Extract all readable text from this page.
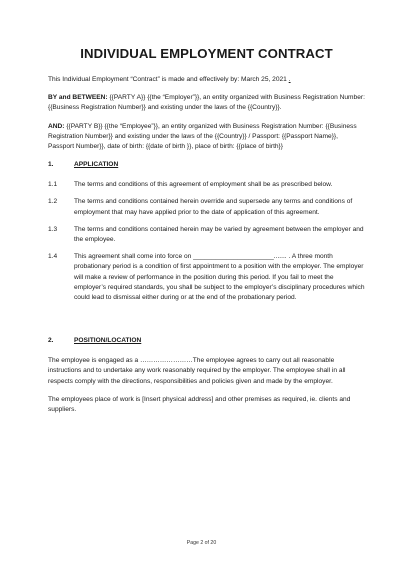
INDIVIDUAL EMPLOYMENT CONTRACT

This Individual Employment “Contract” is made and effectively by: March 25, 2021 .

BY and BETWEEN: {{PARTY A}} {{the “Employer”}}, an entity organized with Business Registration Number: {{Business Registration Number}} and existing under the laws of the {{Country}}.

AND: {{PARTY B}} {{the “Employee”}}, an entity organized with Business Registration Number: {{Business Registration Number}} and existing under the laws of the {{Country}} / Passport: {{Passport Name}}, Passport Number}}, date of birth: {{date of birth }}, place of birth: {{place of birth}}

1.	APPLICATION
1.1	The terms and conditions of this agreement of employment shall be as prescribed below.

1.2	The terms and conditions contained herein override and supersede any terms and conditions of employment that may have applied prior to the date of application of this agreement.

1.3	The terms and conditions contained herein may be varied by agreement between the employer and the employee.

1.4	This agreement shall come into force on ______________________....... . A three month probationary period is a condition of first appointment to a position with the employer. The employer will make a review of performance in the position during this period. If you fail to meet the employer’s required standards, you shall be subject to the employer’s disciplinary procedures which could lead to dismissal either during or at the end of the probationary period.

2.	POSITION/LOCATION

The employee is engaged as a ……………………The employee agrees to carry out all reasonable instructions and to undertake any work reasonably required by the employer. The employee shall in all respects comply with the directions, responsibilities and policies given and made by the employer.

The employees place of work is [Insert physical address] and other premises as required, ie. clients and suppliers.

Page 2 of 20
